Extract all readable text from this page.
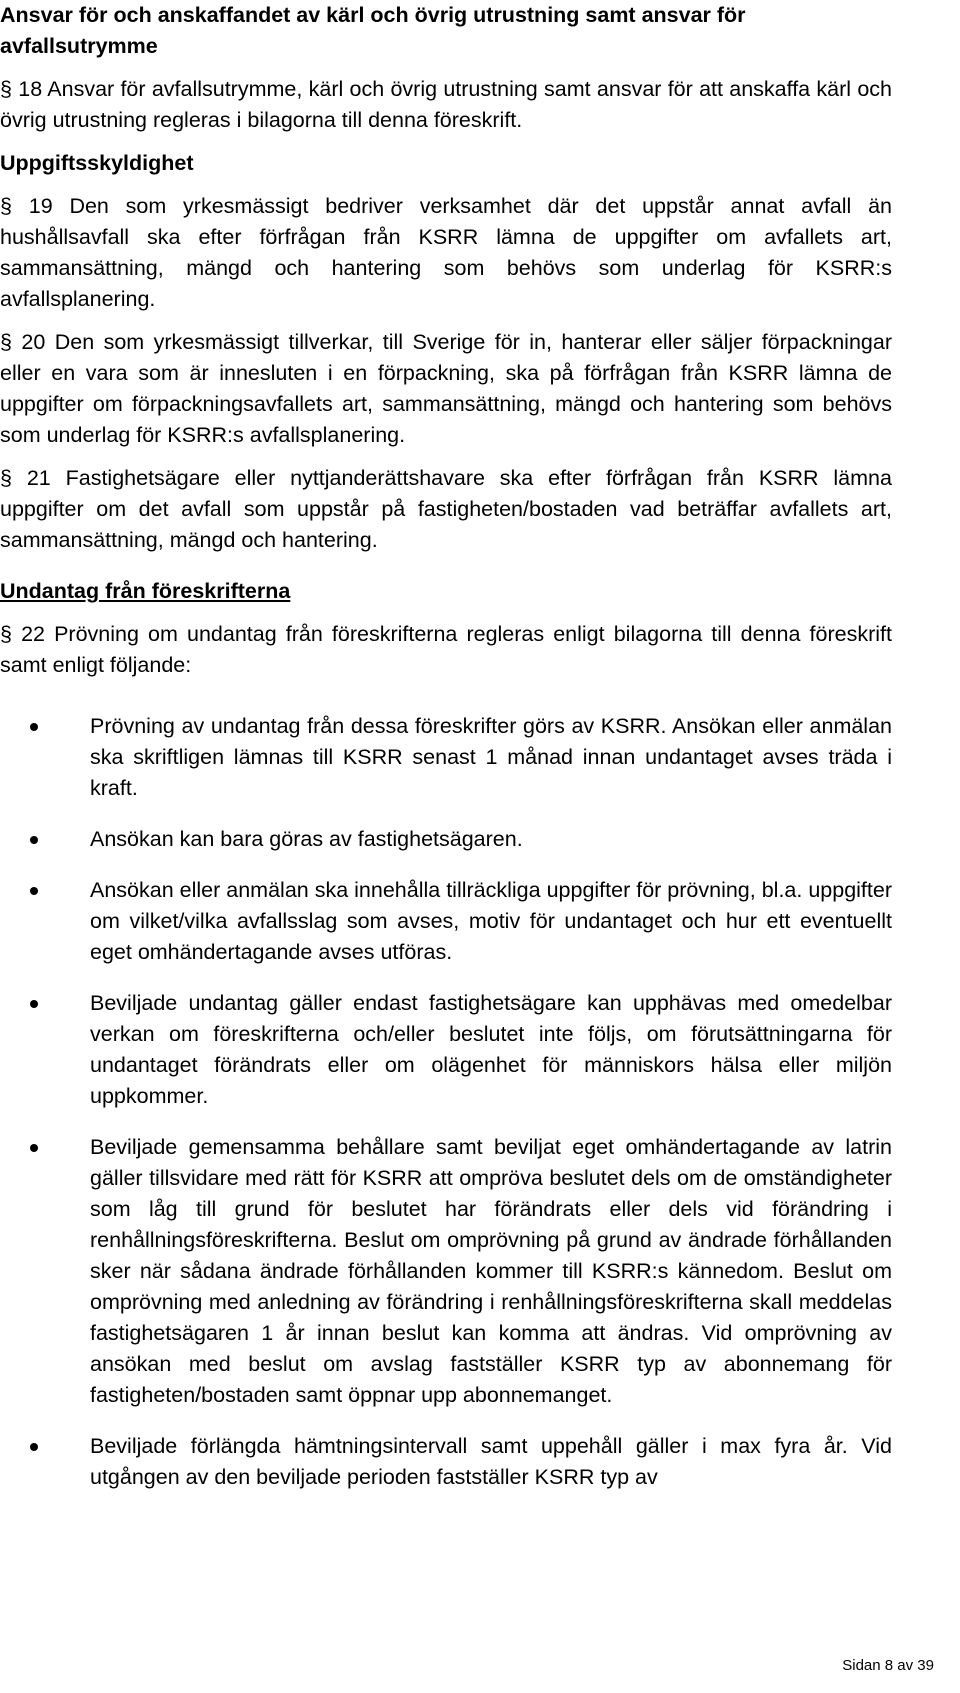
Ansvar för och anskaffandet av kärl och övrig utrustning samt ansvar för avfallsutrymme

§ 18 Ansvar för avfallsutrymme, kärl och övrig utrustning samt ansvar för att anskaffa kärl och övrig utrustning regleras i bilagorna till denna föreskrift.

Uppgiftsskyldighet

§ 19 Den som yrkesmässigt bedriver verksamhet där det uppstår annat avfall än hushållsavfall ska efter förfrågan från KSRR lämna de uppgifter om avfallets art, sammansättning, mängd och hantering som behövs som underlag för KSRR:s avfallsplanering.

§ 20 Den som yrkesmässigt tillverkar, till Sverige för in, hanterar eller säljer förpackningar eller en vara som är innesluten i en förpackning, ska på förfrågan från KSRR lämna de uppgifter om förpackningsavfallets art, sammansättning, mängd och hantering som behövs som underlag för KSRR:s avfallsplanering.

§ 21 Fastighetsägare eller nyttjanderättshavare ska efter förfrågan från KSRR lämna uppgifter om det avfall som uppstår på fastigheten/bostaden vad beträffar avfallets art, sammansättning, mängd och hantering.

Undantag från föreskrifterna

§ 22 Prövning om undantag från föreskrifterna regleras enligt bilagorna till denna föreskrift samt enligt följande:

Prövning av undantag från dessa föreskrifter görs av KSRR. Ansökan eller anmälan ska skriftligen lämnas till KSRR senast 1 månad innan undantaget avses träda i kraft.
Ansökan kan bara göras av fastighetsägaren.
Ansökan eller anmälan ska innehålla tillräckliga uppgifter för prövning, bl.a. uppgifter om vilket/vilka avfallsslag som avses, motiv för undantaget och hur ett eventuellt eget omhändertagande avses utföras.
Beviljade undantag gäller endast fastighetsägare kan upphävas med omedelbar verkan om föreskrifterna och/eller beslutet inte följs, om förutsättningarna för undantaget förändrats eller om olägenhet för människors hälsa eller miljön uppkommer.
Beviljade gemensamma behållare samt beviljat eget omhändertagande av latrin gäller tillsvidare med rätt för KSRR att ompröva beslutet dels om de omständigheter som låg till grund för beslutet har förändrats eller dels vid förändring i renhållningsföreskrifterna. Beslut om omprövning på grund av ändrade förhållanden sker när sådana ändrade förhållanden kommer till KSRR:s kännedom. Beslut om omprövning med anledning av förändring i renhållningsföreskrifterna skall meddelas fastighetsägaren 1 år innan beslut kan komma att ändras. Vid omprövning av ansökan med beslut om avslag fastställer KSRR typ av abonnemang för fastigheten/bostaden samt öppnar upp abonnemanget.
Beviljade förlängda hämtningsintervall samt uppehåll gäller i max fyra år. Vid utgången av den beviljade perioden fastställer KSRR typ av
Sidan 8 av 39
